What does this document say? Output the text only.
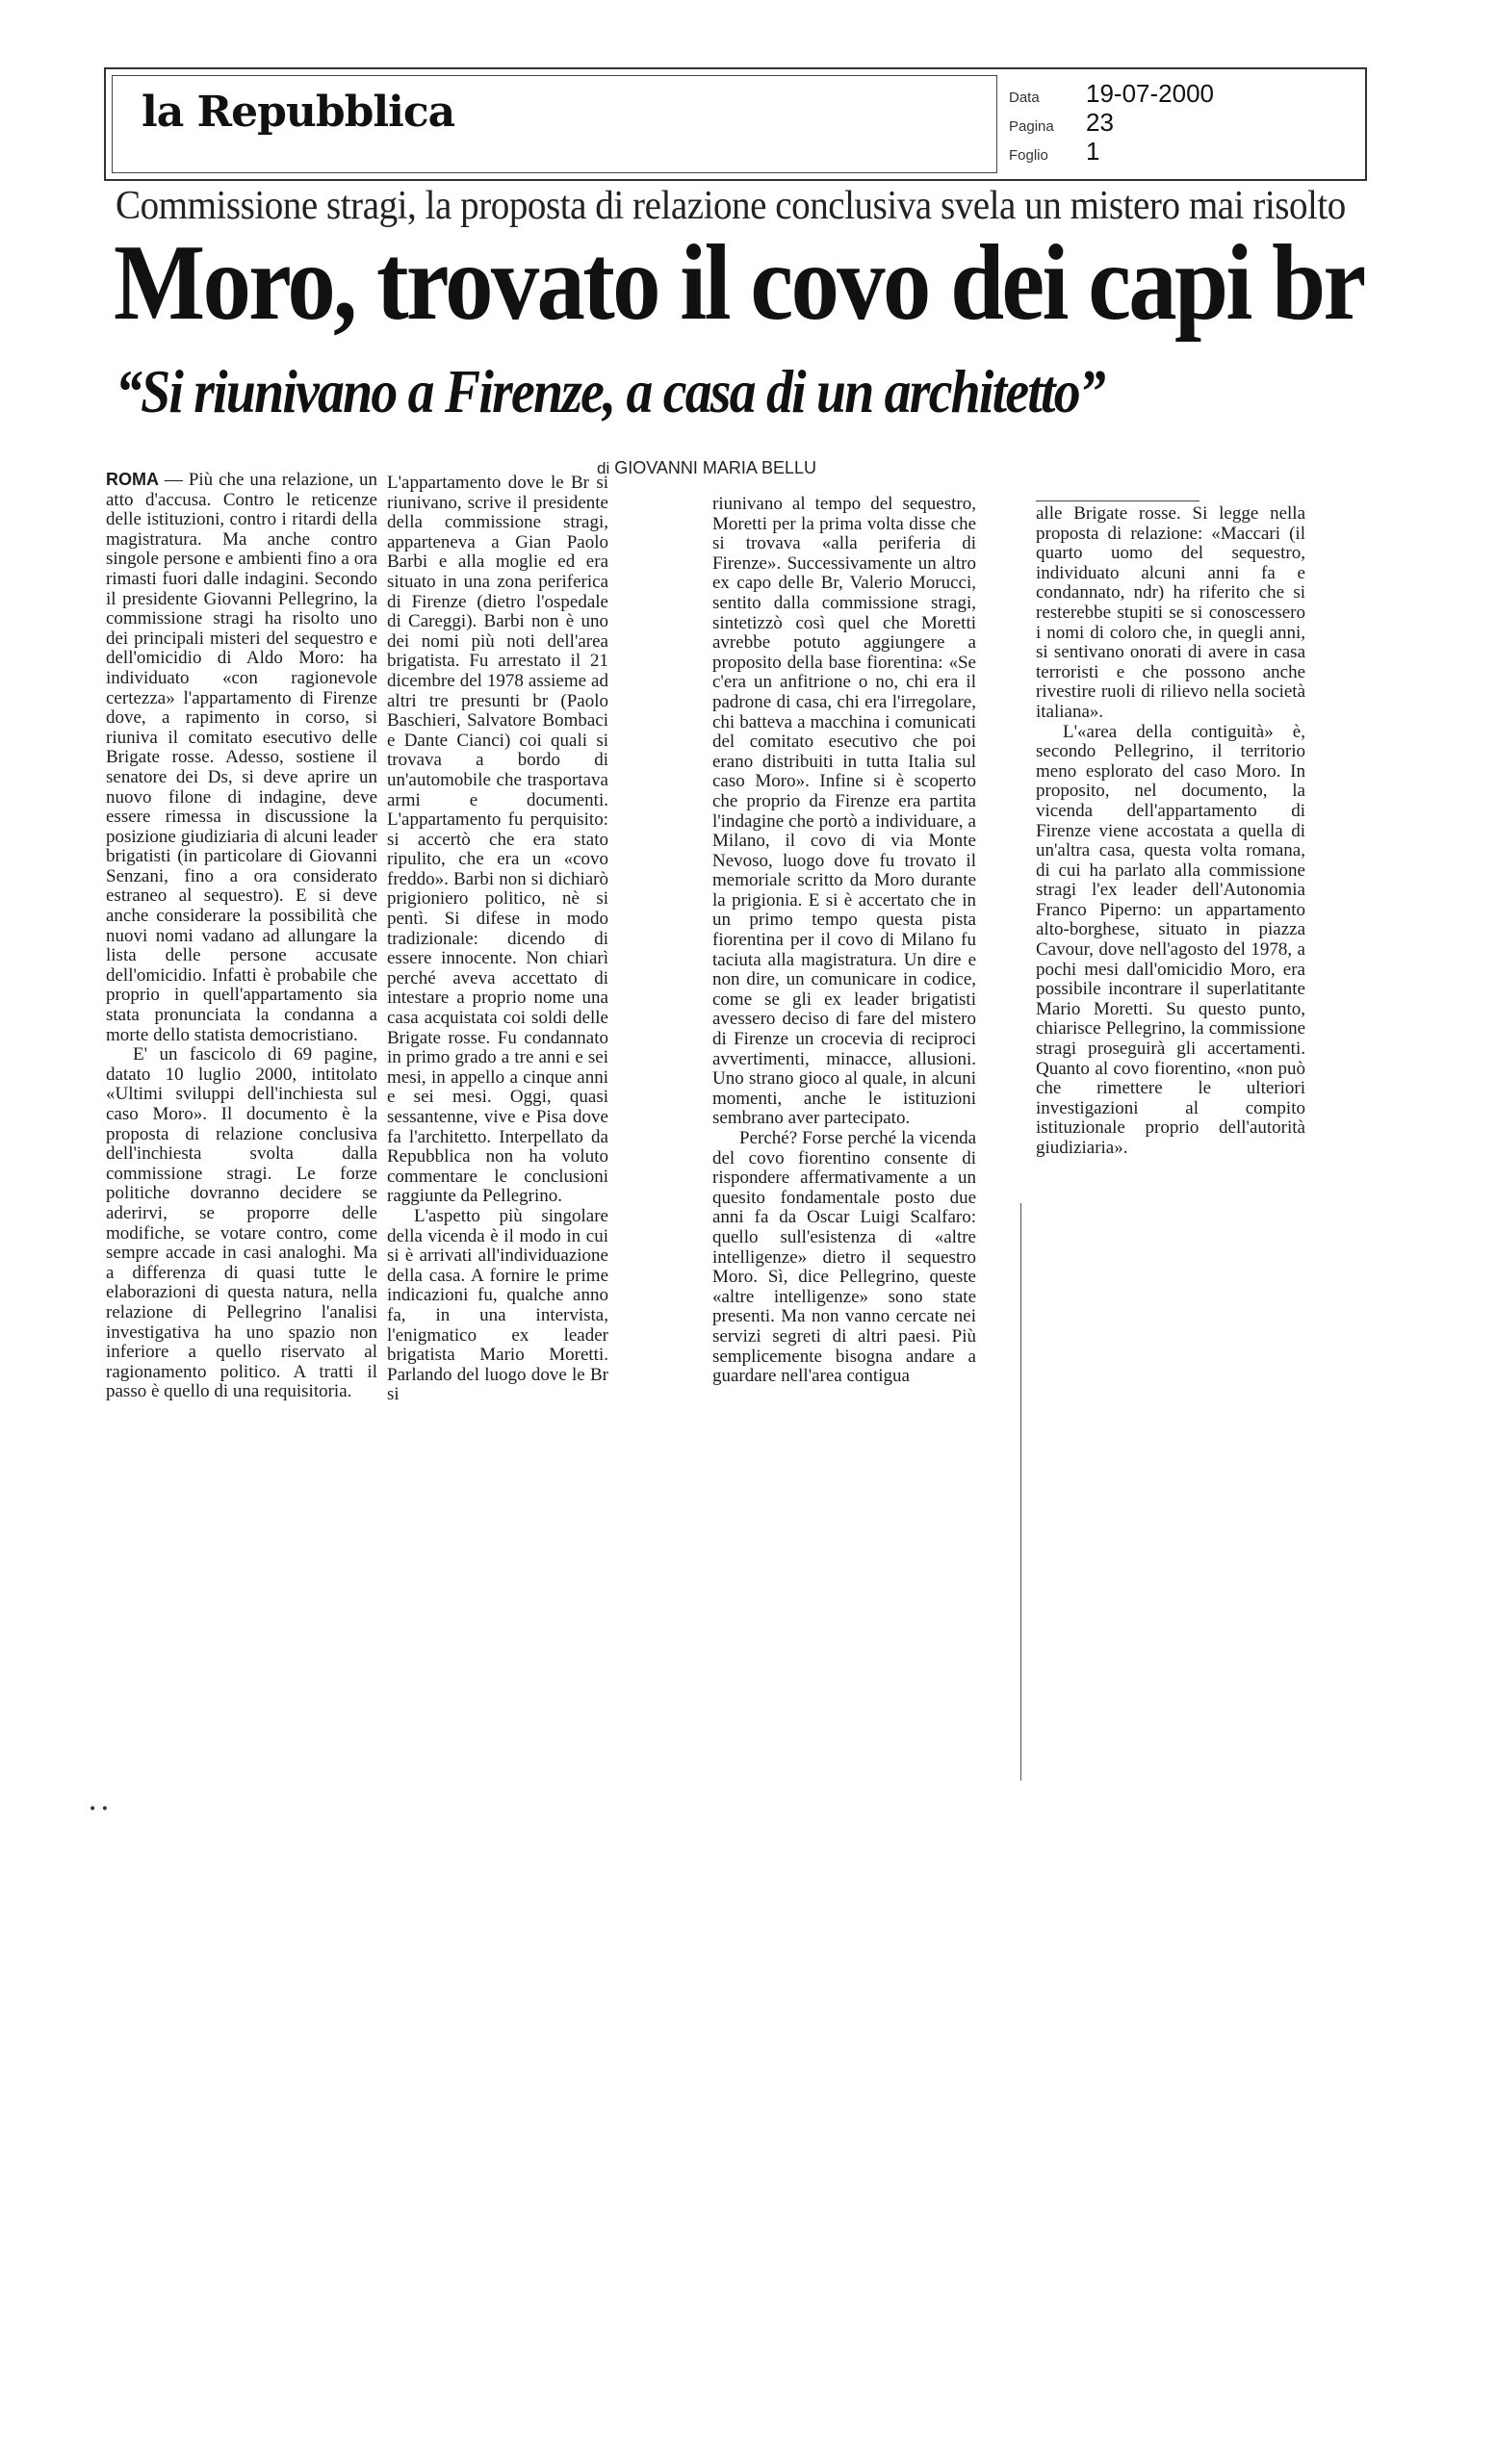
la Repubblica	Data	19-07-2000
Pagina	23
Foglio	1
Commissione stragi, la proposta di relazione conclusiva svela un mistero mai risolto
Moro, trovato il covo dei capi br
“Si riunivano a Firenze, a casa di un architetto”
di GIOVANNI MARIA BELLU

ROMA — Più che una relazione, un atto d'accusa. Contro le reticenze delle istituzioni, contro i ritardi della magistratura. Ma anche contro singole persone e ambienti fino a ora rimasti fuori dalle indagini. Secondo il presidente Giovanni Pellegrino, la commissione stragi ha risolto uno dei principali misteri del sequestro e dell'omicidio di Aldo Moro: ha individuato «con ragionevole certezza» l'appartamento di Firenze dove, a rapimento in corso, si riuniva il comitato esecutivo delle Brigate rosse. Adesso, sostiene il senatore dei Ds, si deve aprire un nuovo filone di indagine, deve essere rimessa in discussione la posizione giudiziaria di alcuni leader brigatisti (in particolare di Giovanni Senzani, fino a ora considerato estraneo al sequestro). E si deve anche considerare la possibilità che nuovi nomi vadano ad allungare la lista delle persone accusate dell'omicidio. Infatti è probabile che proprio in quell'appartamento sia stata pronunciata la condanna a morte dello statista democristiano.

E' un fascicolo di 69 pagine, datato 10 luglio 2000, intitolato «Ultimi sviluppi dell'inchiesta sul caso Moro». Il documento è la proposta di relazione conclusiva dell'inchiesta svolta dalla commissione stragi. Le forze politiche dovranno decidere se aderirvi, se proporre delle modifiche, se votare contro, come sempre accade in casi analoghi. Ma a differenza di quasi tutte le elaborazioni di questa natura, nella relazione di Pellegrino l'analisi investigativa ha uno spazio non inferiore a quello riservato al ragionamento politico. A tratti il passo è quello di una requisitoria.

L'appartamento dove le Br si riunivano, scrive il presidente della commissione stragi, apparteneva a Gian Paolo Barbi e alla moglie ed era situato in una zona periferica di Firenze (dietro l'ospedale di Careggi). Barbi non è uno dei nomi più noti dell'area brigatista. Fu arrestato il 21 dicembre del 1978 assieme ad altri tre presunti br (Paolo Baschieri, Salvatore Bombaci e Dante Cianci) coi quali si trovava a bordo di un'automobile che trasportava armi e documenti. L'appartamento fu perquisito: si accertò che era stato ripulito, che era un «covo freddo». Barbi non si dichiarò prigioniero politico, nè si pentì. Si difese in modo tradizionale: dicendo di essere innocente. Non chiarì perché aveva accettato di intestare a proprio nome una casa acquistata coi soldi delle Brigate rosse. Fu condannato in primo grado a tre anni e sei mesi, in appello a cinque anni e sei mesi. Oggi, quasi sessantenne, vive e Pisa dove fa l'architetto. Interpellato da Repubblica non ha voluto commentare le conclusioni raggiunte da Pellegrino.

L'aspetto più singolare della vicenda è il modo in cui si è arrivati all'individuazione della casa. A fornire le prime indicazioni fu, qualche anno fa, in una intervista, l'enigmatico ex leader brigatista Mario Moretti. Parlando del luogo dove le Br si

riunivano al tempo del sequestro, Moretti per la prima volta disse che si trovava «alla periferia di Firenze». Successivamente un altro ex capo delle Br, Valerio Morucci, sentito dalla commissione stragi, sintetizzò così quel che Moretti avrebbe potuto aggiungere a proposito della base fiorentina: «Se c'era un anfitrione o no, chi era il padrone di casa, chi era l'irregolare, chi batteva a macchina i comunicati del comitato esecutivo che poi erano distribuiti in tutta Italia sul caso Moro». Infine si è scoperto che proprio da Firenze era partita l'indagine che portò a individuare, a Milano, il covo di via Monte Nevoso, luogo dove fu trovato il memoriale scritto da Moro durante la prigionia. E si è accertato che in un primo tempo questa pista fiorentina per il covo di Milano fu taciuta alla magistratura. Un dire e non dire, un comunicare in codice, come se gli ex leader brigatisti avessero deciso di fare del mistero di Firenze un crocevia di reciproci avvertimenti, minacce, allusioni. Uno strano gioco al quale, in alcuni momenti, anche le istituzioni sembrano aver partecipato.

Perché? Forse perché la vicenda del covo fiorentino consente di rispondere affermativamente a un quesito fondamentale posto due anni fa da Oscar Luigi Scalfaro: quello sull'esistenza di «altre intelligenze» dietro il sequestro Moro. Sì, dice Pellegrino, queste «altre intelligenze» sono state presenti. Ma non vanno cercate nei servizi segreti di altri paesi. Più semplicemente bisogna andare a guardare nell'area contigua

alle Brigate rosse. Si legge nella proposta di relazione: «Maccari (il quarto uomo del sequestro, individuato alcuni anni fa e condannato, ndr) ha riferito che si resterebbe stupiti se si conoscessero i nomi di coloro che, in quegli anni, si sentivano onorati di avere in casa terroristi e che possono anche rivestire ruoli di rilievo nella società italiana».

L'«area della contiguità» è, secondo Pellegrino, il territorio meno esplorato del caso Moro. In proposito, nel documento, la vicenda dell'appartamento di Firenze viene accostata a quella di un'altra casa, questa volta romana, di cui ha parlato alla commissione stragi l'ex leader dell'Autonomia Franco Piperno: un appartamento alto-borghese, situato in piazza Cavour, dove nell'agosto del 1978, a pochi mesi dall'omicidio Moro, era possibile incontrare il superlatitante Mario Moretti. Su questo punto, chiarisce Pellegrino, la commissione stragi proseguirà gli accertamenti. Quanto al covo fiorentino, «non può che rimettere le ulteriori investigazioni al compito istituzionale proprio dell'autorità giudiziaria».

• •
